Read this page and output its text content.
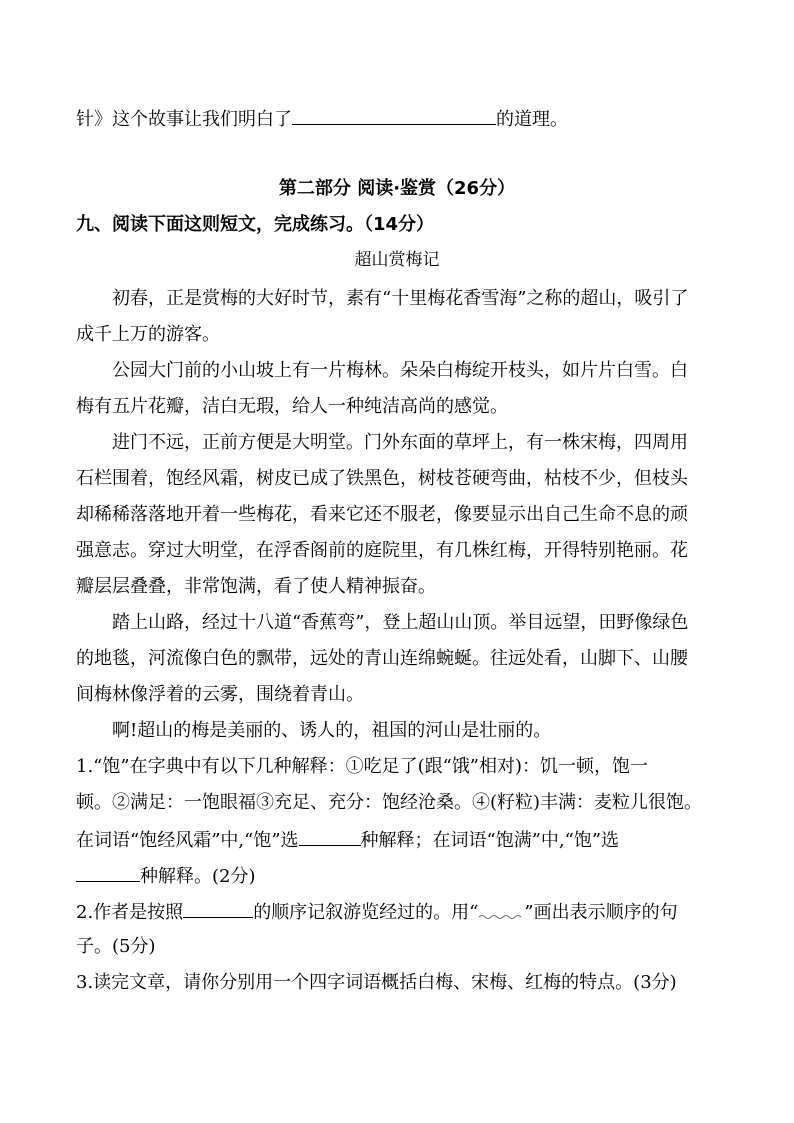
针》这个故事让我们明白了	的道理。
第二部分 阅读·鉴赏（26分）
九、阅读下面这则短文，完成练习。（14分）
超山赏梅记
初春，正是赏梅的大好时节，素有“十里梅花香雪海”之称的超山，吸引了
成千上万的游客。
公园大门前的小山坡上有一片梅林。朵朵白梅绽开枝头，如片片白雪。白
梅有五片花瓣，洁白无瑕，给人一种纯洁高尚的感觉。
进门不远，正前方便是大明堂。门外东面的草坪上，有一株宋梅，四周用
石栏围着，饱经风霜，树皮已成了铁黑色，树枝苍硬弯曲，枯枝不少，但枝头
却稀稀落落地开着一些梅花，看来它还不服老，像要显示出自己生命不息的顽
强意志。穿过大明堂，在浮香阁前的庭院里，有几株红梅，开得特别艳丽。花
瓣层层叠叠，非常饱满，看了使人精神振奋。
踏上山路，经过十八道“香蕉弯”，登上超山山顶。举目远望，田野像绿色
的地毯，河流像白色的飘带，远处的青山连绵蜿蜒。往远处看，山脚下、山腰
间梅林像浮着的云雾，围绕着青山。
啊!超山的梅是美丽的、诱人的，祖国的河山是壮丽的。
1.“饱”在字典中有以下几种解释：①吃足了(跟“饿”相对)：饥一顿，饱一
顿。②满足：一饱眼福③充足、充分：饱经沧桑。④(籽粒)丰满：麦粒儿很饱。
在词语“饱经风霜”中,“饱”选	种解释；在词语“饱满”中,“饱”选
种解释。(2分)
2.作者是按照	的顺序记叙游览经过的。用“	”画出表示顺序的句
子。(5分)
3.读完文章，请你分别用一个四字词语概括白梅、宋梅、红梅的特点。(3分)
